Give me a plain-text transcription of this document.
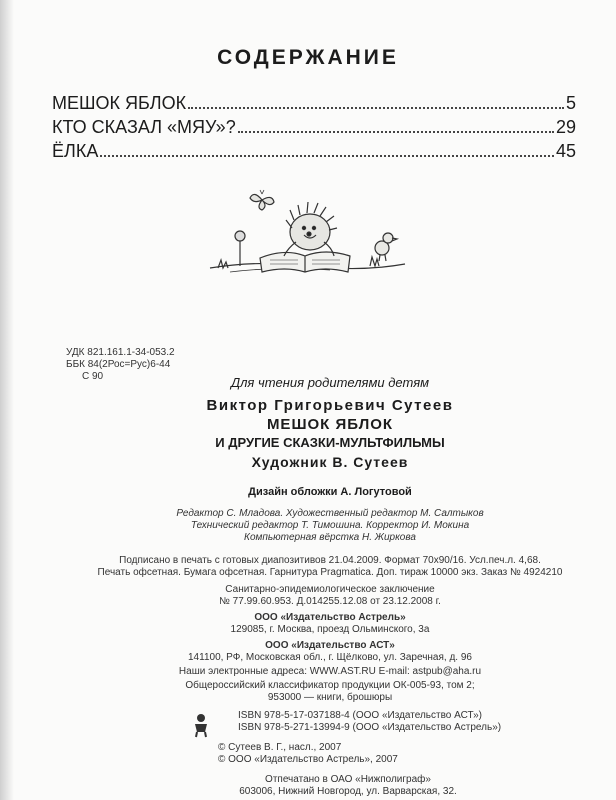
СОДЕРЖАНИЕ
МЕШОК ЯБЛОК	5
КТО СКАЗАЛ «МЯУ»?	29
ЁЛКА	45
УДК 821.161.1-34-053.2
ББК 84(2Рос=Рус)6-44
С 90	Для чтения родителями детям
Виктор Григорьевич Сутеев
МЕШОК ЯБЛОК
И ДРУГИЕ СКАЗКИ-МУЛЬТФИЛЬМЫ
Художник В. Сутеев
Дизайн обложки А. Логутовой
Редактор С. Младова. Художественный редактор М. Салтыков
Технический редактор Т. Тимошина. Корректор И. Мокина
Компьютерная вёрстка Н. Жиркова
Подписано в печать с готовых диапозитивов 21.04.2009. Формат 70х90/16. Усл.печ.л. 4,68.
Печать офсетная. Бумага офсетная. Гарнитура Pragmatica. Доп. тираж 10000 экз. Заказ № 4924210
Санитарно-эпидемиологическое заключение
№ 77.99.60.953. Д.014255.12.08 от 23.12.2008 г.
ООО «Издательство Астрель»
129085, г. Москва, проезд Ольминского, 3а
ООО «Издательство АСТ»
141100, РФ, Московская обл., г. Щёлково, ул. Заречная, д. 96
Наши электронные адреса: WWW.AST.RU E-mail: astpub@aha.ru
Общероссийский классификатор продукции ОК-005-93, том 2;
953000 — книги, брошюры
ISBN 978-5-17-037188-4 (ООО «Издательство АСТ»)
ISBN 978-5-271-13994-9 (ООО «Издательство Астрель»)
© Сутеев В. Г., насл., 2007
© ООО «Издательство Астрель», 2007
Отпечатано в ОАО «Нижполиграф»
603006, Нижний Новгород, ул. Варварская, 32.
